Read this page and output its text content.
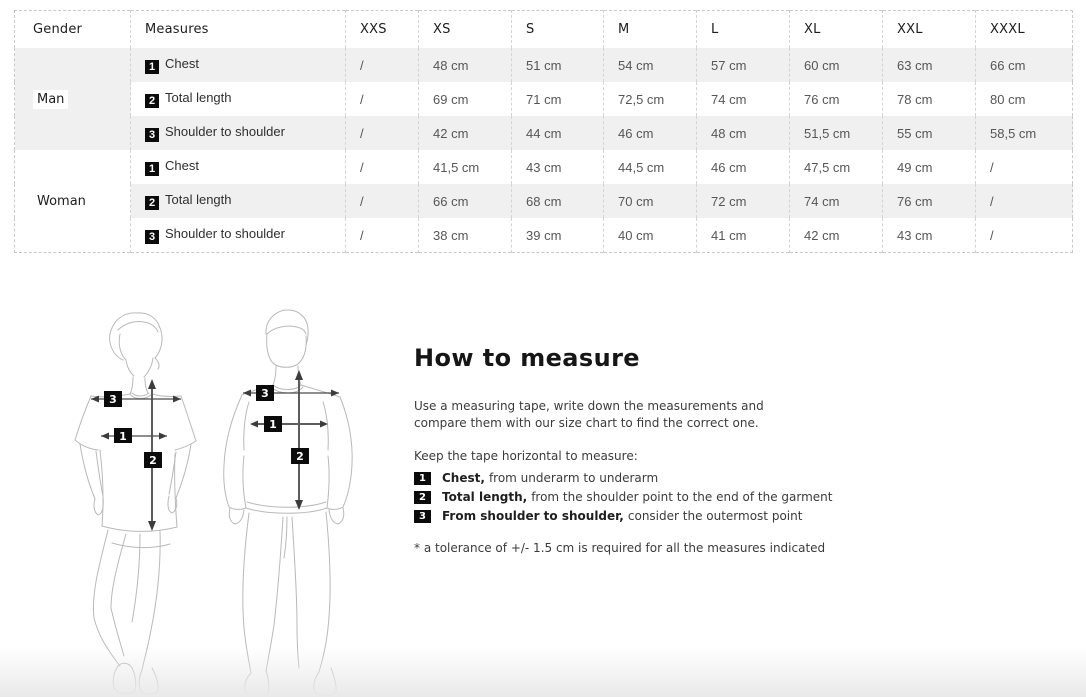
Gender	Measures	XXS	XS	S	M	L	XL	XXL	XXXL
Man	1 Chest	/	48 cm	51 cm	54 cm	57 cm	60 cm	63 cm	66 cm
	2 Total length	/	69 cm	71 cm	72,5 cm	74 cm	76 cm	78 cm	80 cm
	3 Shoulder to shoulder	/	42 cm	44 cm	46 cm	48 cm	51,5 cm	55 cm	58,5 cm
Woman	1 Chest	/	41,5 cm	43 cm	44,5 cm	46 cm	47,5 cm	49 cm	/
	2 Total length	/	66 cm	68 cm	70 cm	72 cm	74 cm	76 cm	/
	3 Shoulder to shoulder	/	38 cm	39 cm	40 cm	41 cm	42 cm	43 cm	/
3
1
2
3
1
2
How to measure
Use a measuring tape, write down the measurements and
compare them with our size chart to find the correct one.
Keep the tape horizontal to measure:
1	Chest, from underarm to underarm
2	Total length, from the shoulder point to the end of the garment
3	From shoulder to shoulder, consider the outermost point
* a tolerance of +/- 1.5 cm is required for all the measures indicated
